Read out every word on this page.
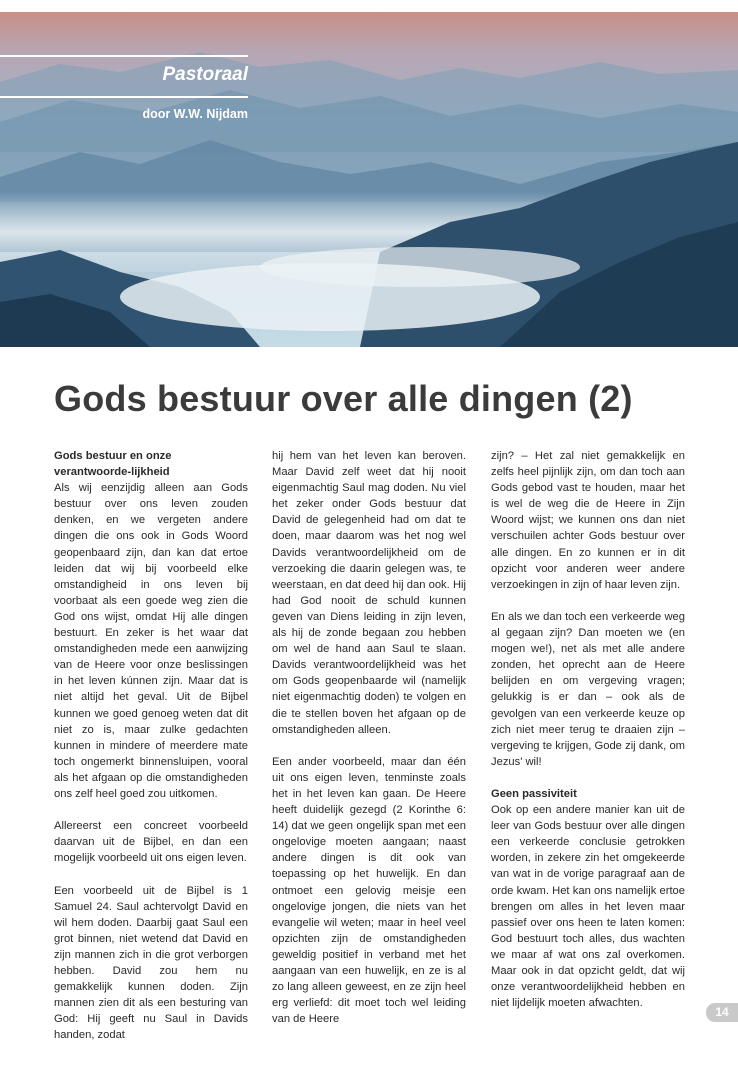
Pastoraal
door W.W. Nijdam
Gods bestuur over alle dingen (2)
Gods bestuur en onze verantwoorde-lijkheid

Als wij eenzijdig alleen aan Gods bestuur over ons leven zouden denken, en we vergeten andere dingen die ons ook in Gods Woord geopenbaard zijn, dan kan dat ertoe leiden dat wij bij voorbeeld elke omstandigheid in ons leven bij voorbaat als een goede weg zien die God ons wijst, omdat Hij alle dingen bestuurt. En zeker is het waar dat omstandigheden mede een aanwijzing van de Heere voor onze beslissingen in het leven kúnnen zijn. Maar dat is niet altijd het geval. Uit de Bijbel kunnen we goed genoeg weten dat dit niet zo is, maar zulke gedachten kunnen in mindere of meerdere mate toch ongemerkt binnensluipen, vooral als het afgaan op die omstandigheden ons zelf heel goed zou uitkomen.

Allereerst een concreet voorbeeld daarvan uit de Bijbel, en dan een mogelijk voorbeeld uit ons eigen leven.

Een voorbeeld uit de Bijbel is 1 Samuel 24. Saul achtervolgt David en wil hem doden. Daarbij gaat Saul een grot binnen, niet wetend dat David en zijn mannen zich in die grot verborgen hebben. David zou hem nu gemakkelijk kunnen doden. Zijn mannen zien dit als een besturing van God: Hij geeft nu Saul in Davids handen, zodat

hij hem van het leven kan beroven. Maar David zelf weet dat hij nooit eigenmachtig Saul mag doden. Nu viel het zeker onder Gods bestuur dat David de gelegenheid had om dat te doen, maar daarom was het nog wel Davids verantwoordelijkheid om de verzoeking die daarin gelegen was, te weerstaan, en dat deed hij dan ook. Hij had God nooit de schuld kunnen geven van Diens leiding in zijn leven, als hij de zonde begaan zou hebben om wel de hand aan Saul te slaan. Davids verantwoordelijkheid was het om Gods geopenbaarde wil (namelijk niet eigenmachtig doden) te volgen en die te stellen boven het afgaan op de omstandigheden alleen.

Een ander voorbeeld, maar dan één uit ons eigen leven, tenminste zoals het in het leven kan gaan. De Heere heeft duidelijk gezegd (2 Korinthe 6: 14) dat we geen ongelijk span met een ongelovige moeten aangaan; naast andere dingen is dit ook van toepassing op het huwelijk. En dan ontmoet een gelovig meisje een ongelovige jongen, die niets van het evangelie wil weten; maar in heel veel opzichten zijn de omstandigheden geweldig positief in verband met het aangaan van een huwelijk, en ze is al zo lang alleen geweest, en ze zijn heel erg verliefd: dit moet toch wel leiding van de Heere

zijn? – Het zal niet gemakkelijk en zelfs heel pijnlijk zijn, om dan toch aan Gods gebod vast te houden, maar het is wel de weg die de Heere in Zijn Woord wijst; we kunnen ons dan niet verschuilen achter Gods bestuur over alle dingen. En zo kunnen er in dit opzicht voor anderen weer andere verzoekingen in zijn of haar leven zijn.

En als we dan toch een verkeerde weg al gegaan zijn? Dan moeten we (en mogen we!), net als met alle andere zonden, het oprecht aan de Heere belijden en om vergeving vragen; gelukkig is er dan – ook als de gevolgen van een verkeerde keuze op zich niet meer terug te draaien zijn – vergeving te krijgen, Gode zij dank, om Jezus' wil!

Geen passiviteit

Ook op een andere manier kan uit de leer van Gods bestuur over alle dingen een verkeerde conclusie getrokken worden, in zekere zin het omgekeerde van wat in de vorige paragraaf aan de orde kwam. Het kan ons namelijk ertoe brengen om alles in het leven maar passief over ons heen te laten komen: God bestuurt toch alles, dus wachten we maar af wat ons zal overkomen. Maar ook in dat opzicht geldt, dat wij onze verantwoordelijkheid hebben en niet lijdelijk moeten afwachten.

14
